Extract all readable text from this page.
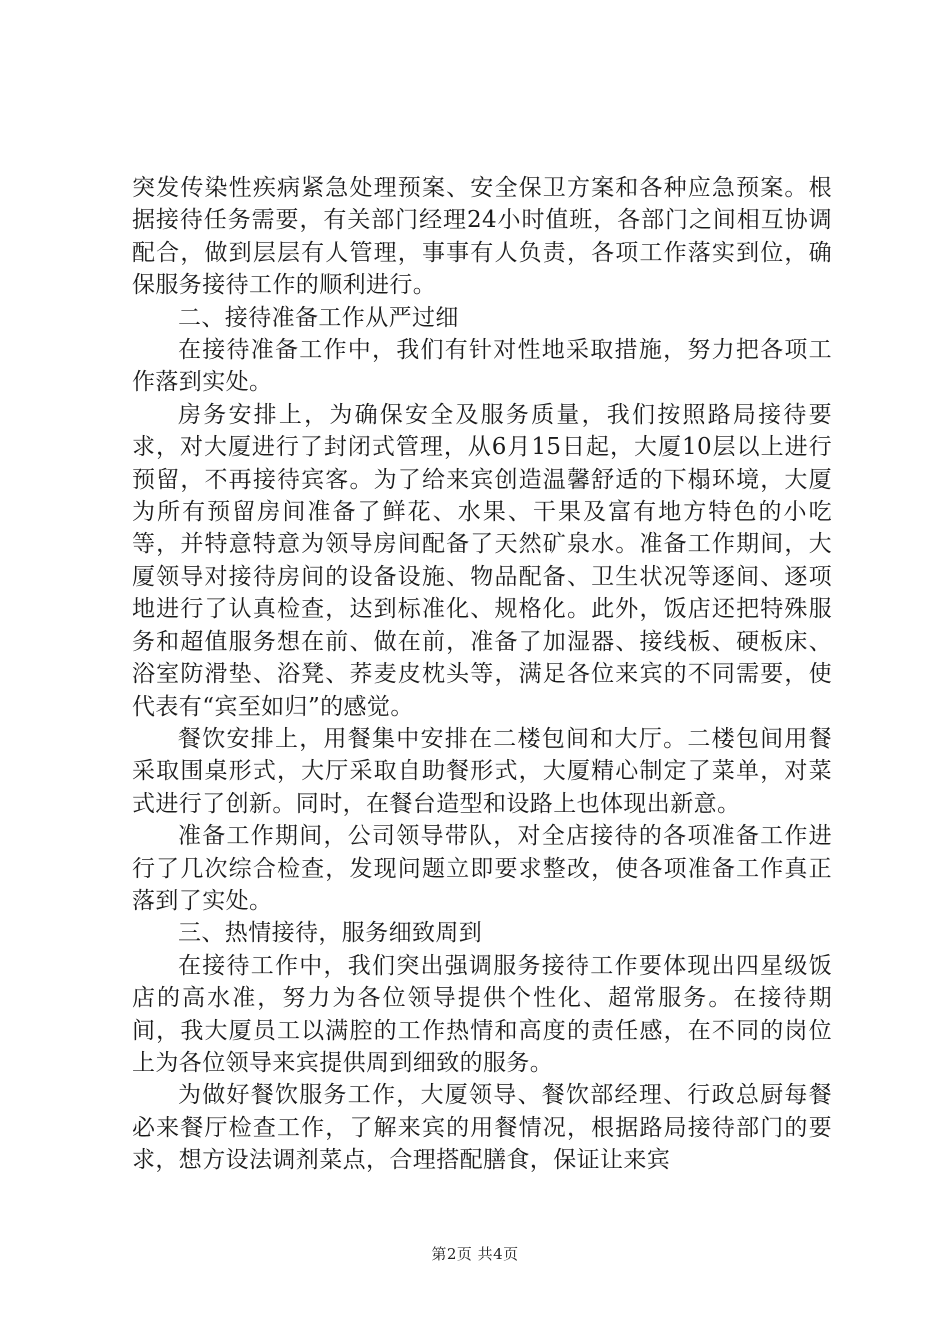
突发传染性疾病紧急处理预案、安全保卫方案和各种应急预案。根据接待任务需要，有关部门经理24小时值班，各部门之间相互协调配合，做到层层有人管理，事事有人负责，各项工作落实到位，确保服务接待工作的顺利进行。

二、接待准备工作从严过细

在接待准备工作中，我们有针对性地采取措施，努力把各项工作落到实处。

房务安排上，为确保安全及服务质量，我们按照路局接待要求，对大厦进行了封闭式管理，从6月15日起，大厦10层以上进行预留，不再接待宾客。为了给来宾创造温馨舒适的下榻环境，大厦为所有预留房间准备了鲜花、水果、干果及富有地方特色的小吃等，并特意特意为领导房间配备了天然矿泉水。准备工作期间，大厦领导对接待房间的设备设施、物品配备、卫生状况等逐间、逐项地进行了认真检查，达到标准化、规格化。此外，饭店还把特殊服务和超值服务想在前、做在前，准备了加湿器、接线板、硬板床、浴室防滑垫、浴凳、荞麦皮枕头等，满足各位来宾的不同需要，使代表有“宾至如归”的感觉。

餐饮安排上，用餐集中安排在二楼包间和大厅。二楼包间用餐采取围桌形式，大厅采取自助餐形式，大厦精心制定了菜单，对菜式进行了创新。同时，在餐台造型和设路上也体现出新意。

准备工作期间，公司领导带队，对全店接待的各项准备工作进行了几次综合检查，发现问题立即要求整改，使各项准备工作真正落到了实处。

三、热情接待，服务细致周到

在接待工作中，我们突出强调服务接待工作要体现出四星级饭店的高水准，努力为各位领导提供个性化、超常服务。在接待期间，我大厦员工以满腔的工作热情和高度的责任感，在不同的岗位上为各位领导来宾提供周到细致的服务。

为做好餐饮服务工作，大厦领导、餐饮部经理、行政总厨每餐必来餐厅检查工作，了解来宾的用餐情况，根据路局接待部门的要求，想方设法调剂菜点，合理搭配膳食，保证让来宾

第2页 共4页
